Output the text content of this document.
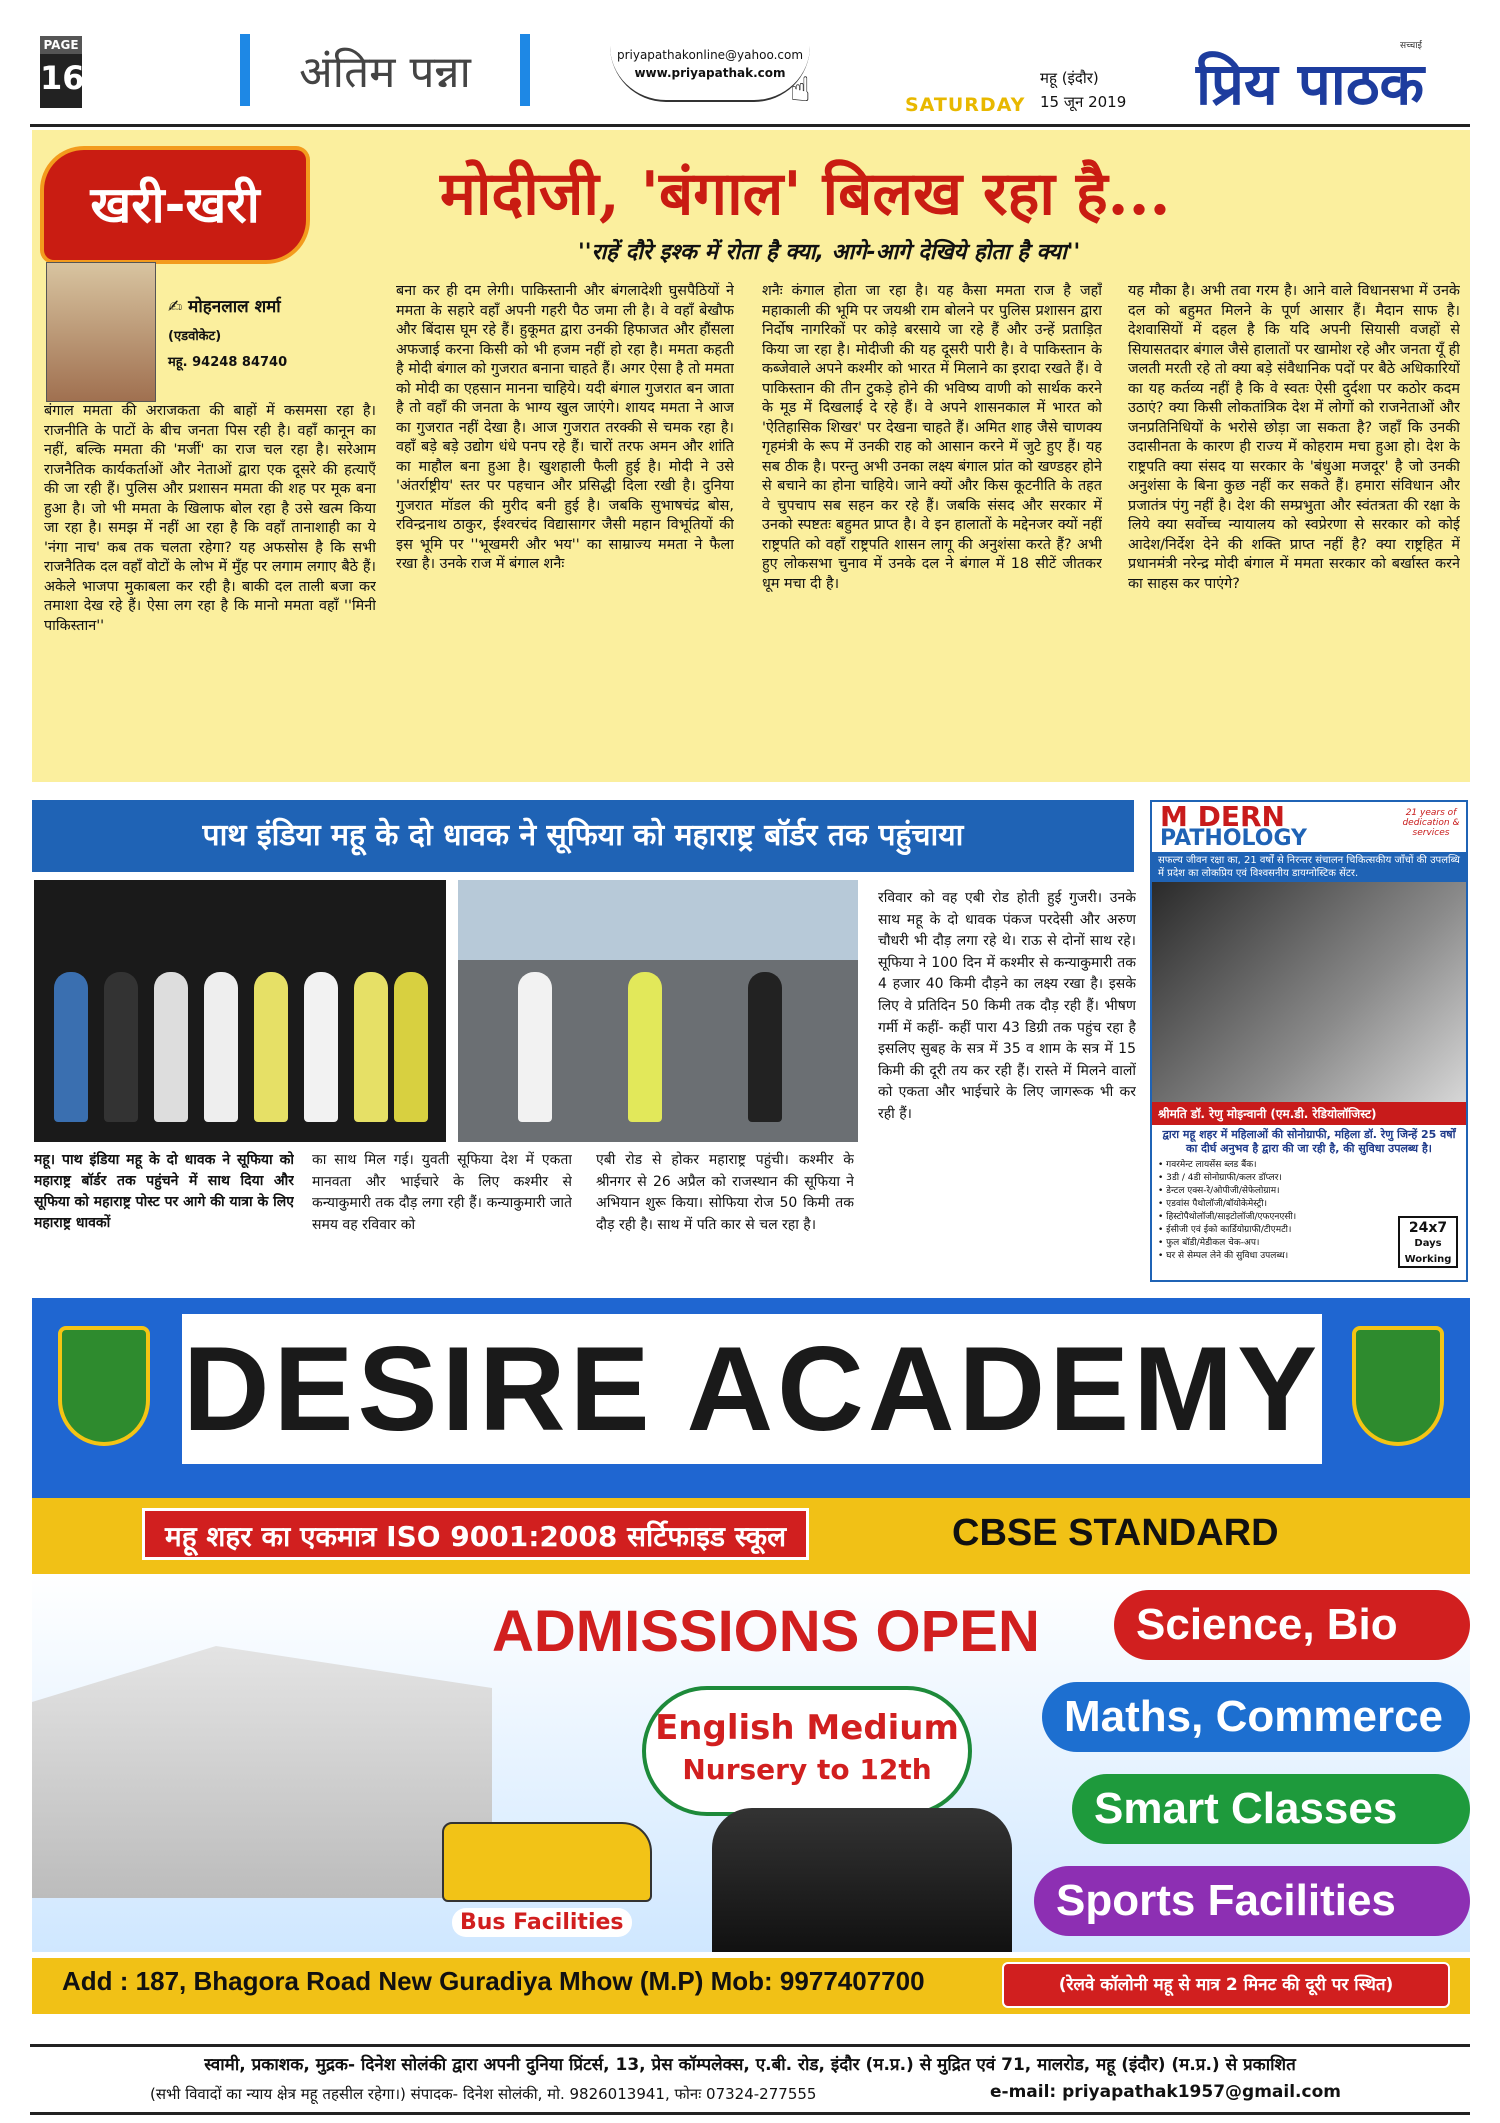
PAGE
16	अंतिम पन्ना	priyapathakonline@yahoo.com
www.priyapathak.com ☝	SATURDAY
महू (इंदौर)
15 जून 2019
सच्चाई
प्रिय पाठक
खरी-खरी	मोदीजी, 'बंगाल' बिलख रहा है...
''राहें दौरे इश्क में रोता है क्या, आगे-आगे देखिये होता है क्या''
✍ मोहनलाल शर्मा
(एडवोकेट)
महू. 94248 84740
बंगाल ममता की अराजकता की बाहों में कसमसा रहा है। राजनीति के पाटों के बीच जनता पिस रही है। वहाँ कानून का नहीं, बल्कि ममता की 'मर्जी' का राज चल रहा है। सरेआम राजनैतिक कार्यकर्ताओं और नेताओं द्वारा एक दूसरे की हत्याएँ की जा रही हैं। पुलिस और प्रशासन ममता की शह पर मूक बना हुआ है। जो भी ममता के खिलाफ बोल रहा है उसे खत्म किया जा रहा है। समझ में नहीं आ रहा है कि वहाँ तानाशाही का ये 'नंगा नाच' कब तक चलता रहेगा? यह अफसोस है कि सभी राजनैतिक दल वहाँ वोटों के लोभ में मुँह पर लगाम लगाए बैठे हैं। अकेले भाजपा मुकाबला कर रही है। बाकी दल ताली बजा कर तमाशा देख रहे हैं। ऐसा लग रहा है कि मानो ममता वहाँ ''मिनी पाकिस्तान''
बना कर ही दम लेगी। पाकिस्तानी और बंगलादेशी घुसपैठियों ने ममता के सहारे वहाँ अपनी गहरी पैठ जमा ली है। वे वहाँ बेखौफ और बिंदास घूम रहे हैं। हुकूमत द्वारा उनकी हिफाजत और हौंसला अफजाई करना किसी को भी हजम नहीं हो रहा है। ममता कहती है मोदी बंगाल को गुजरात बनाना चाहते हैं। अगर ऐसा है तो ममता को मोदी का एहसान मानना चाहिये। यदी बंगाल गुजरात बन जाता है तो वहाँ की जनता के भाग्य खुल जाएंगे। शायद ममता ने आज का गुजरात नहीं देखा है। आज गुजरात तरक्की से चमक रहा है। वहाँ बड़े बड़े उद्योग धंधे पनप रहे हैं। चारों तरफ अमन और शांति का माहौल बना हुआ है। खुशहाली फैली हुई है। मोदी ने उसे 'अंतर्राष्ट्रीय' स्तर पर पहचान और प्रसिद्धी दिला रखी है। दुनिया गुजरात मॉडल की मुरीद बनी हुई है। जबकि सुभाषचंद्र बोस, रविन्द्रनाथ ठाकुर, ईश्वरचंद विद्यासागर जैसी महान विभूतियों की इस भूमि पर ''भूखमरी और भय'' का साम्राज्य ममता ने फैला रखा है। उनके राज में बंगाल शनैः
शनैः कंगाल होता जा रहा है। यह कैसा ममता राज है जहाँ महाकाली की भूमि पर जयश्री राम बोलने पर पुलिस प्रशासन द्वारा निर्दोष नागरिकों पर कोड़े बरसाये जा रहे हैं और उन्हें प्रताड़ित किया जा रहा है। मोदीजी की यह दूसरी पारी है। वे पाकिस्तान के कब्जेवाले अपने कश्मीर को भारत में मिलाने का इरादा रखते हैं। वे पाकिस्तान की तीन टुकड़े होने की भविष्य वाणी को सार्थक करने के मूड में दिखलाई दे रहे हैं। वे अपने शासनकाल में भारत को 'ऐतिहासिक शिखर' पर देखना चाहते हैं। अमित शाह जैसे चाणक्य गृहमंत्री के रूप में उनकी राह को आसान करने में जुटे हुए हैं। यह सब ठीक है। परन्तु अभी उनका लक्ष्य बंगाल प्रांत को खण्डहर होने से बचाने का होना चाहिये। जाने क्यों और किस कूटनीति के तहत वे चुपचाप सब सहन कर रहे हैं। जबकि संसद और सरकार में उनको स्पष्टतः बहुमत प्राप्त है। वे इन हालातों के मद्देनजर क्यों नहीं राष्ट्रपति को वहाँ राष्ट्रपति शासन लागू की अनुशंसा करते हैं? अभी हुए लोकसभा चुनाव में उनके दल ने बंगाल में 18 सीटें जीतकर धूम मचा दी है।
यह मौका है। अभी तवा गरम है। आने वाले विधानसभा में उनके दल को बहुमत मिलने के पूर्ण आसार हैं। मैदान साफ है। देशवासियों में दहल है कि यदि अपनी सियासी वजहों से सियासतदार बंगाल जैसे हालातों पर खामोश रहे और जनता यूँ ही जलती मरती रहे तो क्या बड़े संवैधानिक पदों पर बैठे अधिकारियों का यह कर्तव्य नहीं है कि वे स्वतः ऐसी दुर्दशा पर कठोर कदम उठाएं? क्या किसी लोकतांत्रिक देश में लोगों को राजनेताओं और जनप्रतिनिधियों के भरोसे छोड़ा जा सकता है? जहाँ कि उनकी उदासीनता के कारण ही राज्य में कोहराम मचा हुआ हो। देश के राष्ट्रपति क्या संसद या सरकार के 'बंधुआ मजदूर' है जो उनकी अनुशंसा के बिना कुछ नहीं कर सकते हैं। हमारा संविधान और प्रजातंत्र पंगु नहीं है। देश की सम्प्रभुता और स्वंतत्रता की रक्षा के लिये क्या सर्वोच्च न्यायालय को स्वप्रेरणा से सरकार को कोई आदेश/निर्देश देने की शक्ति प्राप्त नहीं है? क्या राष्ट्रहित में प्रधानमंत्री नरेन्द्र मोदी बंगाल में ममता सरकार को बर्खास्त करने का साहस कर पाएंगे?
पाथ इंडिया महू के दो धावक ने सूफिया को महाराष्ट्र बॉर्डर तक पहुंचाया
महू। पाथ इंडिया महू के दो धावक ने सूफिया को महाराष्ट्र बॉर्डर तक पहुंचने में साथ दिया और सूफिया को महाराष्ट्र पोस्ट पर आगे की यात्रा के लिए महाराष्ट्र धावकों
का साथ मिल गई। युवती सूफिया देश में एकता मानवता और भाईचारे के लिए कश्मीर से कन्याकुमारी तक दौड़ लगा रही हैं। कन्याकुमारी जाते समय वह रविवार को
एबी रोड से होकर महाराष्ट्र पहुंची। कश्मीर के श्रीनगर से 26 अप्रैल को राजस्थान की सूफिया ने अभियान शुरू किया। सोफिया रोज 50 किमी तक दौड़ रही है। साथ में पति कार से चल रहा है।
रविवार को वह एबी रोड होती हुई गुजरी। उनके साथ महू के दो धावक पंकज परदेसी और अरुण चौधरी भी दौड़ लगा रहे थे। राऊ से दोनों साथ रहे। सूफिया ने 100 दिन में कश्मीर से कन्याकुमारी तक 4 हजार 40 किमी दौड़ने का लक्ष्य रखा है। इसके लिए वे प्रतिदिन 50 किमी तक दौड़ रही हैं। भीषण गर्मी में कहीं- कहीं पारा 43 डिग्री तक पहुंच रहा है इसलिए सुबह के सत्र में 35 व शाम के सत्र में 15 किमी की दूरी तय कर रही हैं। रास्ते में मिलने वालों को एकता और भाईचारे के लिए जागरूक भी कर रही हैं।
M DERN
PATHOLOGY
21 years of dedication & services
सफल्य जीवन रक्षा का, 21 वर्षों से निरन्तर संचालन चिकित्सकीय जाँचों की उपलब्धि में प्रदेश का लोकप्रिय एवं विश्वसनीय डायग्नोस्टिक सेंटर.
श्रीमति डॉ. रेणु मोइन्वानी (एम.डी. रेडियोलॉजिस्ट)
द्वारा महू शहर में महिलाओं की सोनोग्राफी, महिला डॉ. रेणु जिन्हें 25 वर्षों का दीर्घ अनुभव है द्वारा की जा रही है, की सुविधा उपलब्ध है।
• गवरमेन्ट लायसेंस ब्लड बैंक।
• 3डी / 4डी सोनोग्राफी/कलर डॉप्लर।
• डेन्टल एक्स-रे/ओपीजी/सेफेलोग्राम।
• एडवांस पैथोलॉजी/बॉयोकेमेस्ट्री।
• हिस्टोपैथोलॉजी/साइटोलॉजी/एफएनएसी।
• ईसीजी एवं ईको कार्डियोग्राफी/टीएमटी।
• फुल बॉडी/मेडीकल चेक-अप।
• घर से सेम्पल लेने की सुविधा उपलब्ध।
24x7
Days Working
DESIRE ACADEMY
महू शहर का एकमात्र ISO 9001:2008 सर्टिफाइड स्कूल	CBSE STANDARD
ADMISSIONS OPEN
English Medium
Nursery to 12th
Science, Bio
Maths, Commerce
Smart Classes
Sports Facilities
Bus Facilities
Add : 187, Bhagora Road New Guradiya Mhow (M.P) Mob: 9977407700	(रेलवे कॉलोनी महू से मात्र 2 मिनट की दूरी पर स्थित)
स्वामी, प्रकाशक, मुद्रक- दिनेश सोलंकी द्वारा अपनी दुनिया प्रिंटर्स, 13, प्रेस कॉम्पलेक्स, ए.बी. रोड, इंदौर (म.प्र.) से मुद्रित एवं 71, मालरोड, महू (इंदौर) (म.प्र.) से प्रकाशित
(सभी विवादों का न्याय क्षेत्र महू तहसील रहेगा।) संपादक- दिनेश सोलंकी, मो. 9826013941, फोनः 07324-277555	e-mail: priyapathak1957@gmail.com
